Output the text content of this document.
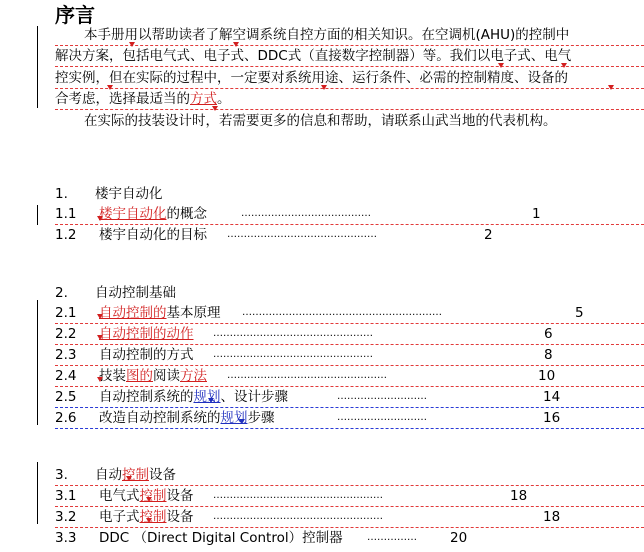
序言
本手册用以帮助读者了解空调系统自控方面的相关知识。在空调机(AHU)的控制中
解决方案，包括电气式、电子式、DDC式（直接数字控制器）等。我们以电子式、电气
控实例，但在实际的过程中，一定要对系统用途、运行条件、必需的控制精度、设备的
合考虑，选择最适当的方式。
在实际的技装设计时，若需要更多的信息和帮助，请联系山武当地的代表机构。
1. 楼宇自动化
1.1 楼宇自动化的概念	…………………………………	1
1.2 楼宇自动化的目标 ………………………………………	2
2. 自动控制基础
2.1 自动控制的基本原理 ……………………………………………………	5
2.2 自动控制的动作 …………………………………………	6
2.3 自动控制的方式 …………………………………………	8
2.4 技装图的阅读方法 …………………………………………	10
2.5 自动控制系统的规划、设计步骤	………………………	14
2.6 改造自动控制系统的规划步骤	………………………	16
3. 自动控制设备
3.1 电气式控制设备 ……………………………………………	18
3.2 电子式控制设备 ……………………………………………	18
3.3 DDC （Direct Digital Control）控制器 …………… 20
